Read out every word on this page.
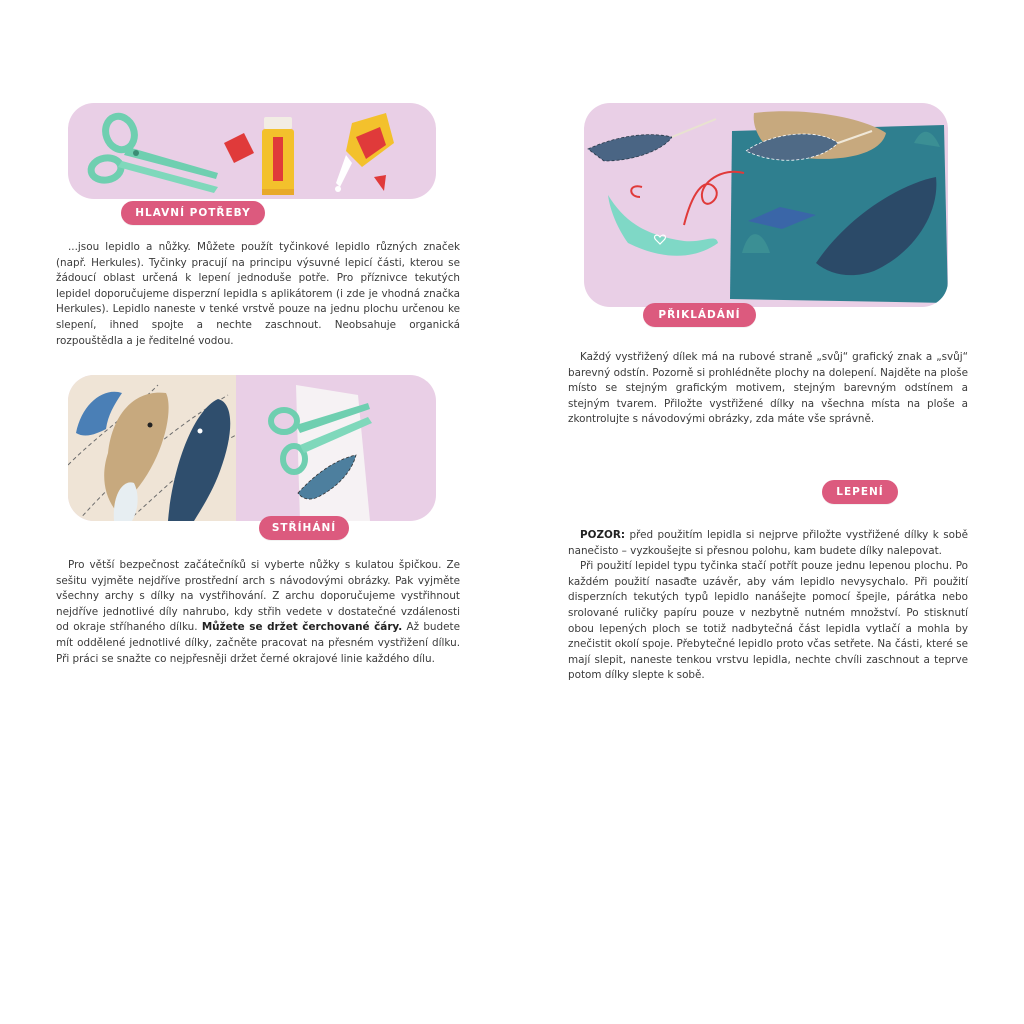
HLAVNÍ POTŘEBY

...jsou lepidlo a nůžky. Můžete použít tyčinkové lepidlo různých značek (např. Herkules). Tyčinky pracují na principu výsuvné lepicí části, kterou se žádoucí oblast určená k lepení jednoduše potře. Pro příznivce tekutých lepidel doporučujeme disperzní lepidla s aplikátorem (i zde je vhodná značka Herkules). Lepidlo naneste v tenké vrstvě pouze na jednu plochu určenou ke slepení, ihned spojte a nechte zaschnout. Neobsahuje organická rozpouštědla a je ředitelné vodou.

STŘÍHÁNÍ

Pro větší bezpečnost začátečníků si vyberte nůžky s kulatou špičkou. Ze sešitu vyjměte nejdříve prostřední arch s návodovými obrázky. Pak vyjměte všechny archy s dílky na vystřihování. Z archu doporučujeme vystřihnout nejdříve jednotlivé díly nahrubo, kdy střih vedete v dostatečné vzdálenosti od okraje stříhaného dílku. Můžete se držet čerchované čáry. Až budete mít oddělené jednotlivé dílky, začněte pracovat na přesném vystřižení dílku. Při práci se snažte co nejpřesněji držet černé okrajové linie každého dílu.

PŘIKLÁDÁNÍ

Každý vystřižený dílek má na rubové straně „svůj“ grafický znak a „svůj“ barevný odstín. Pozorně si prohlédněte plochy na dolepení. Najděte na ploše místo se stejným grafickým motivem, stejným barevným odstínem a stejným tvarem. Přiložte vystřižené dílky na všechna místa na ploše a zkontrolujte s návodovými obrázky, zda máte vše správně.

LEPENÍ

POZOR: před použitím lepidla si nejprve přiložte vystřižené dílky k sobě nanečisto – vyzkoušejte si přesnou polohu, kam budete dílky nalepovat.

Při použití lepidel typu tyčinka stačí potřít pouze jednu lepenou plochu. Po každém použití nasaďte uzávěr, aby vám lepidlo nevysychalo. Při použití disperzních tekutých typů lepidlo nanášejte pomocí špejle, párátka nebo srolované ruličky papíru pouze v nezbytně nutném množství. Po stisknutí obou lepených ploch se totiž nadbytečná část lepidla vytlačí a mohla by znečistit okolí spoje. Přebytečné lepidlo proto včas setřete. Na části, které se mají slepit, naneste tenkou vrstvu lepidla, nechte chvíli zaschnout a teprve potom dílky slepte k sobě.
